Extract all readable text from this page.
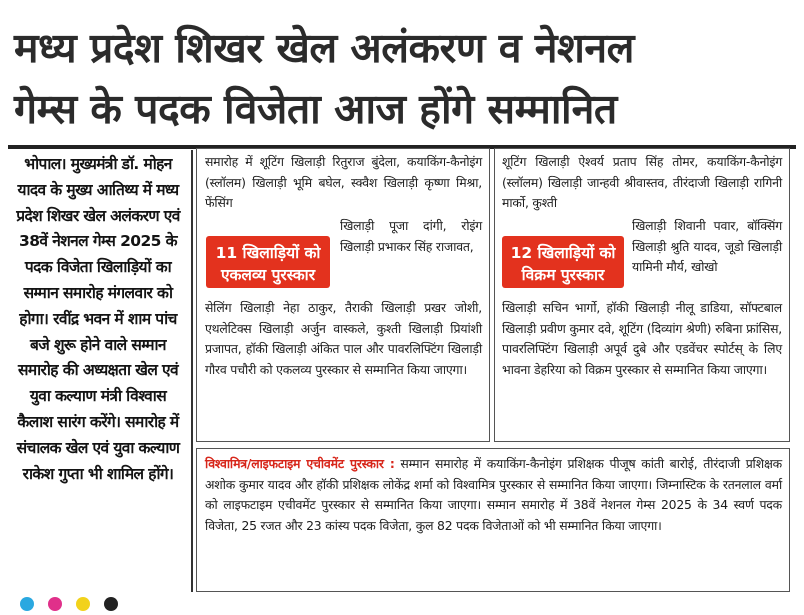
मध्य प्रदेश शिखर खेल अलंकरण व नेशनल
गेम्स के पदक विजेता आज होंगे सम्मानित
भोपाल। मुख्यमंत्री डॉ. मोहन यादव के मुख्य आतिथ्य में मध्य प्रदेश शिखर खेल अलंकरण एवं 38वें नेशनल गेम्स 2025 के पदक विजेता खिलाड़ियों का सम्मान समारोह मंगलवार को होगा। रवींद्र भवन में शाम पांच बजे शुरू होने वाले सम्मान समारोह की अध्यक्षता खेल एवं युवा कल्याण मंत्री विश्वास कैलाश सारंग करेंगे। समारोह में संचालक खेल एवं युवा कल्याण राकेश गुप्ता भी शामिल होंगे।
समारोह में शूटिंग खिलाड़ी रितुराज बुंदेला, कयाकिंग-कैनोइंग (स्लॉलम) खिलाड़ी भूमि बघेल, स्क्वैश खिलाड़ी कृष्णा मिश्रा, फेंसिंग
11 खिलाड़ियों को एकलव्य पुरस्कार
खिलाड़ी पूजा दांगी, रोइंग खिलाड़ी प्रभाकर सिंह राजावत,
सेलिंग खिलाड़ी नेहा ठाकुर, तैराकी खिलाड़ी प्रखर जोशी, एथलेटिक्स खिलाड़ी अर्जुन वास्कले, कुश्ती खिलाड़ी प्रियांशी प्रजापत, हॉकी खिलाड़ी अंकित पाल और पावरलिफ्टिंग खिलाड़ी गौरव पचौरी को एकलव्य पुरस्कार से सम्मानित किया जाएगा।
शूटिंग खिलाड़ी ऐश्वर्य प्रताप सिंह तोमर, कयाकिंग-कैनोइंग (स्लॉलम) खिलाड़ी जान्हवी श्रीवास्तव, तीरंदाजी खिलाड़ी रागिनी मार्को, कुश्ती
12 खिलाड़ियों को विक्रम पुरस्कार
खिलाड़ी शिवानी पवार, बॉक्सिंग खिलाड़ी श्रुति यादव, जूडो खिलाड़ी यामिनी मौर्य, खोखो
खिलाड़ी सचिन भार्गो, हॉकी खिलाड़ी नीलू डाडिया, सॉफ्टबाल खिलाड़ी प्रवीण कुमार दवे, शूटिंग (दिव्यांग श्रेणी) रुबिना फ्रांसिस, पावरलिफ्टिंग खिलाड़ी अपूर्व दुबे और एडवेंचर स्पोर्टस् के लिए भावना डेहरिया को विक्रम पुरस्कार से सम्मानित किया जाएगा।
विश्वामित्र/लाइफटाइम एचीवमेंट पुरस्कार : सम्मान समारोह में कयाकिंग-कैनोइंग प्रशिक्षक पीजूष कांती बारोई, तीरंदाजी प्रशिक्षक अशोक कुमार यादव और हॉकी प्रशिक्षक लोकेंद्र शर्मा को विश्वामित्र पुरस्कार से सम्मानित किया जाएगा। जिम्नास्टिक के रतनलाल वर्मा को लाइफटाइम एचीवमेंट पुरस्कार से सम्मानित किया जाएगा। सम्मान समारोह में 38वें नेशनल गेम्स 2025 के 34 स्वर्ण पदक विजेता, 25 रजत और 23 कांस्य पदक विजेता, कुल 82 पदक विजेताओं को भी सम्मानित किया जाएगा।
